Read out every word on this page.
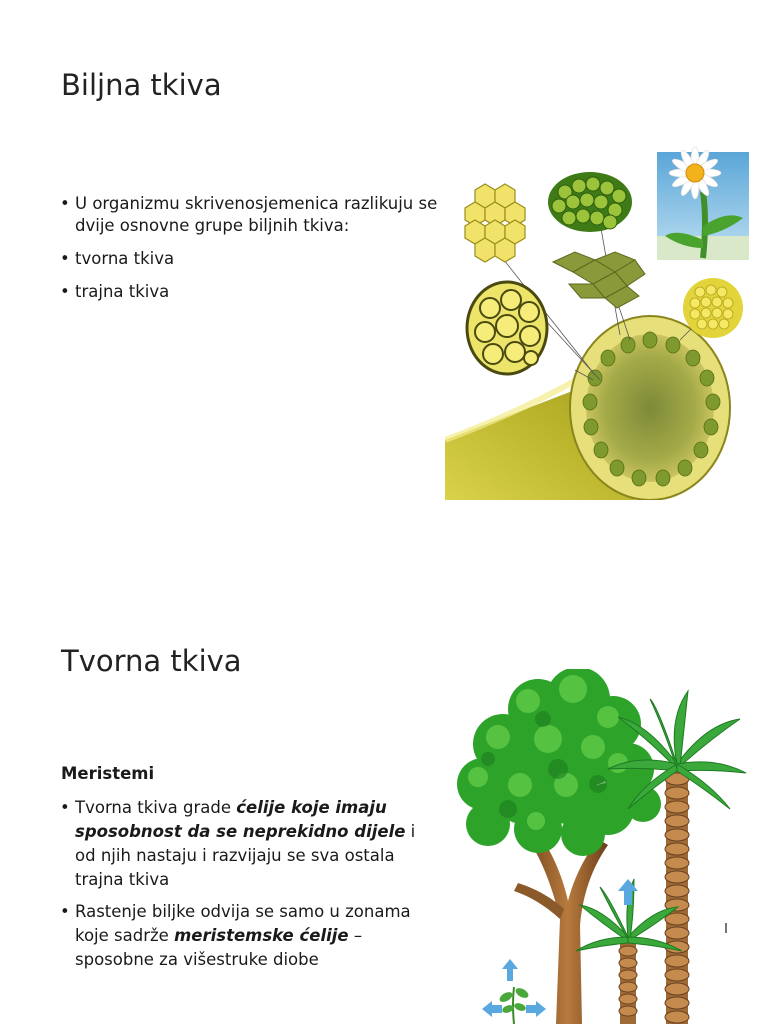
Biljna tkiva
• U organizmu skrivenosjemenica razlikuju se dvije osnovne grupe biljnih tkiva:
• tvorna tkiva
• trajna tkiva
Tvorna tkiva
Meristemi
• Tvorna tkiva grade ćelije koje imaju sposobnost da se neprekidno dijele i od njih nastaju i razvijaju se sva ostala trajna tkiva
• Rastenje biljke odvija se samo u zonama koje sadrže meristemske ćelije – sposobne za višestruke diobe
